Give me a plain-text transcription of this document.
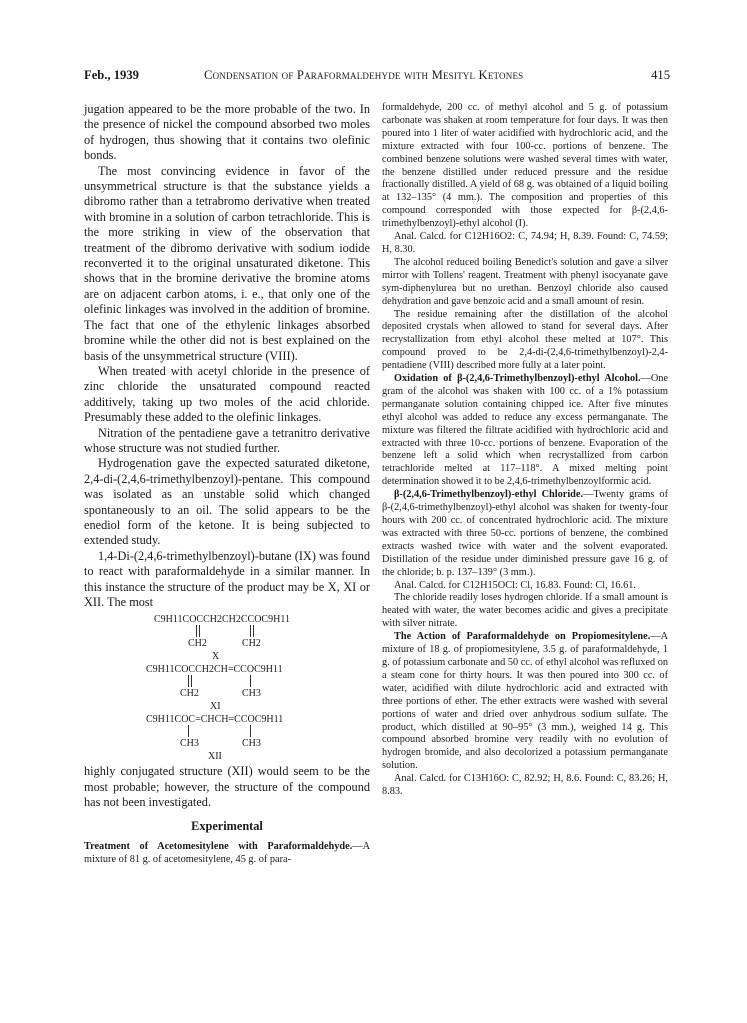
Feb., 1939	Condensation of Paraformaldehyde with Mesityl Ketones	415

jugation appeared to be the more probable of the two. In the presence of nickel the compound absorbed two moles of hydrogen, thus showing that it contains two olefinic bonds.

The most convincing evidence in favor of the unsymmetrical structure is that the substance yields a dibromo rather than a tetrabromo derivative when treated with bromine in a solution of carbon tetrachloride. This is the more striking in view of the observation that treatment of the dibromo derivative with sodium iodide reconverted it to the original unsaturated diketone. This shows that in the bromine derivative the bromine atoms are on adjacent carbon atoms, i. e., that only one of the olefinic linkages was involved in the addition of bromine. The fact that one of the ethylenic linkages absorbed bromine while the other did not is best explained on the basis of the unsymmetrical structure (VIII).

When treated with acetyl chloride in the presence of zinc chloride the unsaturated compound reacted additively, taking up two moles of the acid chloride. Presumably these added to the olefinic linkages.

Nitration of the pentadiene gave a tetranitro derivative whose structure was not studied further.

Hydrogenation gave the expected saturated diketone, 2,4-di-(2,4,6-trimethylbenzoyl)-pentane. This compound was isolated as an unstable solid which changed spontaneously to an oil. The solid appears to be the enediol form of the ketone. It is being subjected to extended study.

1,4-Di-(2,4,6-trimethylbenzoyl)-butane (IX) was found to react with paraformaldehyde in a similar manner. In this instance the structure of the product may be X, XI or XII. The most

C9H11COCCH2CH2CCOC9H11
CH2	CH2
X
C9H11COCCH2CH=CCOC9H11
CH2	CH3
XI
C9H11COC=CHCH=CCOC9H11
CH3	CH3
XII

highly conjugated structure (XII) would seem to be the most probable; however, the structure of the compound has not been investigated.

Experimental

Treatment of Acetomesitylene with Paraformaldehyde.—A mixture of 81 g. of acetomesitylene, 45 g. of para-

formaldehyde, 200 cc. of methyl alcohol and 5 g. of potassium carbonate was shaken at room temperature for four days. It was then poured into 1 liter of water acidified with hydrochloric acid, and the mixture extracted with four 100-cc. portions of benzene. The combined benzene solutions were washed several times with water, the benzene distilled under reduced pressure and the residue fractionally distilled. A yield of 68 g. was obtained of a liquid boiling at 132–135° (4 mm.). The composition and properties of this compound corresponded with those expected for β-(2,4,6-trimethylbenzoyl)-ethyl alcohol (I).

Anal. Calcd. for C12H16O2: C, 74.94; H, 8.39. Found: C, 74.59; H, 8.30.

The alcohol reduced boiling Benedict's solution and gave a silver mirror with Tollens' reagent. Treatment with phenyl isocyanate gave sym-diphenylurea but no urethan. Benzoyl chloride also caused dehydration and gave benzoic acid and a small amount of resin.

The residue remaining after the distillation of the alcohol deposited crystals when allowed to stand for several days. After recrystallization from ethyl alcohol these melted at 107°. This compound proved to be 2,4-di-(2,4,6-trimethylbenzoyl)-2,4-pentadiene (VIII) described more fully at a later point.

Oxidation of β-(2,4,6-Trimethylbenzoyl)-ethyl Alcohol.—One gram of the alcohol was shaken with 100 cc. of a 1% potassium permanganate solution containing chipped ice. After five minutes ethyl alcohol was added to reduce any excess permanganate. The mixture was filtered the filtrate acidified with hydrochloric acid and extracted with three 10-cc. portions of benzene. Evaporation of the benzene left a solid which when recrystallized from carbon tetrachloride melted at 117–118°. A mixed melting point determination showed it to be 2,4,6-trimethylbenzoylformic acid.

β-(2,4,6-Trimethylbenzoyl)-ethyl Chloride.—Twenty grams of β-(2,4,6-trimethylbenzoyl)-ethyl alcohol was shaken for twenty-four hours with 200 cc. of concentrated hydrochloric acid. The mixture was extracted with three 50-cc. portions of benzene, the combined extracts washed twice with water and the solvent evaporated. Distillation of the residue under diminished pressure gave 16 g. of the chloride; b. p. 137–139° (3 mm.).

Anal. Calcd. for C12H15OCl: Cl, 16.83. Found: Cl, 16.61.

The chloride readily loses hydrogen chloride. If a small amount is heated with water, the water becomes acidic and gives a precipitate with silver nitrate.

The Action of Paraformaldehyde on Propiomesitylene.—A mixture of 18 g. of propiomesitylene, 3.5 g. of paraformaldehyde, 1 g. of potassium carbonate and 50 cc. of ethyl alcohol was refluxed on a steam cone for thirty hours. It was then poured into 300 cc. of water, acidified with dilute hydrochloric acid and extracted with three portions of ether. The ether extracts were washed with several portions of water and dried over anhydrous sodium sulfate. The product, which distilled at 90–95° (3 mm.), weighed 14 g. This compound absorbed bromine very readily with no evolution of hydrogen bromide, and also decolorized a potassium permanganate solution.

Anal. Calcd. for C13H16O: C, 82.92; H, 8.6. Found: C, 83.26; H, 8.83.
